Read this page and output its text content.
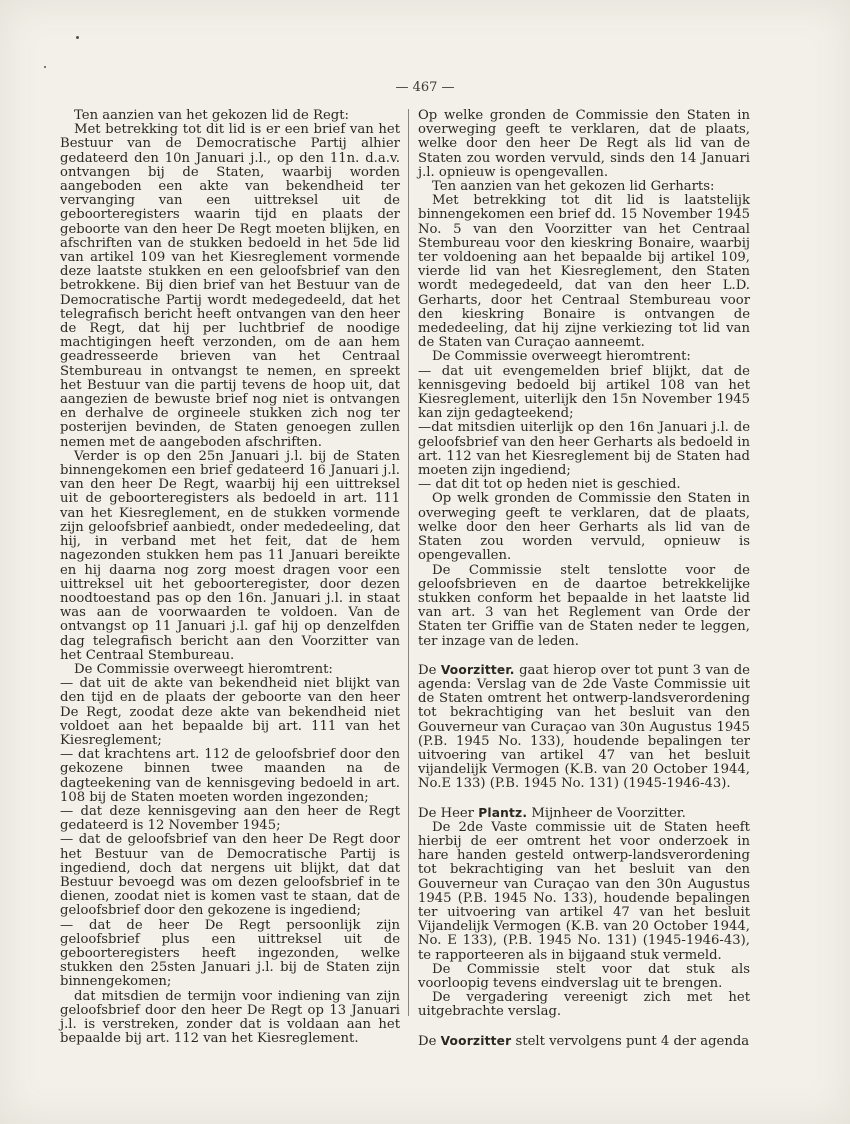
— 467 —

Ten aanzien van het gekozen lid de Regt:

Met betrekking tot dit lid is er een brief van het Bestuur van de Democratische Partij alhier gedateerd den 10n Januari j.l., op den 11n. d.a.v. ontvangen bij de Staten, waarbij worden aangeboden een akte van bekendheid ter vervanging van een uittreksel uit de geboorteregisters waarin tijd en plaats der geboorte van den heer De Regt moeten blijken, en afschriften van de stukken bedoeld in het 5de lid van artikel 109 van het Kiesreglement vormende deze laatste stukken en een geloofsbrief van den betrokkene. Bij dien brief van het Bestuur van de Democratische Partij wordt medegedeeld, dat het telegrafisch bericht heeft ontvangen van den heer de Regt, dat hij per luchtbrief de noodige machtigingen heeft verzonden, om de aan hem geadresseerde brieven van het Centraal Stembureau in ontvangst te nemen, en spreekt het Bestuur van die partij tevens de hoop uit, dat aangezien de bewuste brief nog niet is ontvangen en derhalve de orgineele stukken zich nog ter posterijen bevinden, de Staten genoegen zullen nemen met de aangeboden afschriften.

Verder is op den 25n Januari j.l. bij de Staten binnengekomen een brief gedateerd 16 Januari j.l. van den heer De Regt, waarbij hij een uittreksel uit de geboorteregisters als bedoeld in art. 111 van het Kiesreglement, en de stukken vormende zijn geloofsbrief aanbiedt, onder mededeeling, dat hij, in verband met het feit, dat de hem nagezonden stukken hem pas 11 Januari bereikte en hij daarna nog zorg moest dragen voor een uittreksel uit het geboorteregister, door dezen noodtoestand pas op den 16n. Januari j.l. in staat was aan de voorwaarden te voldoen. Van de ontvangst op 11 Januari j.l. gaf hij op denzelfden dag telegrafisch bericht aan den Voorzitter van het Centraal Stembureau.

De Commissie overweegt hieromtrent:

— dat uit de akte van bekendheid niet blijkt van den tijd en de plaats der geboorte van den heer De Regt, zoodat deze akte van bekendheid niet voldoet aan het bepaalde bij art. 111 van het Kiesreglement;

— dat krachtens art. 112 de geloofsbrief door den gekozene binnen twee maanden na de dagteekening van de kennisgeving bedoeld in art. 108 bij de Staten moeten worden ingezonden;

— dat deze kennisgeving aan den heer de Regt gedateerd is 12 November 1945;

— dat de geloofsbrief van den heer De Regt door het Bestuur van de Democratische Partij is ingediend, doch dat nergens uit blijkt, dat dat Bestuur bevoegd was om dezen geloofsbrief in te dienen, zoodat niet is komen vast te staan, dat de geloofsbrief door den gekozene is ingediend;

— dat de heer De Regt persoonlijk zijn geloofsbrief plus een uittreksel uit de geboorteregisters heeft ingezonden, welke stukken den 25sten Januari j.l. bij de Staten zijn binnengekomen;

dat mitsdien de termijn voor indiening van zijn geloofsbrief door den heer De Regt op 13 Januari j.l. is verstreken, zonder dat is voldaan aan het bepaalde bij art. 112 van het Kiesreglement.

Op welke gronden de Commissie den Staten in overweging geeft te verklaren, dat de plaats, welke door den heer De Regt als lid van de Staten zou worden vervuld, sinds den 14 Januari j.l. opnieuw is opengevallen.

Ten aanzien van het gekozen lid Gerharts:

Met betrekking tot dit lid is laatstelijk binnengekomen een brief dd. 15 November 1945 No. 5 van den Voorzitter van het Centraal Stembureau voor den kieskring Bonaire, waarbij ter voldoening aan het bepaalde bij artikel 109, vierde lid van het Kiesreglement, den Staten wordt medegedeeld, dat van den heer L.D. Gerharts, door het Centraal Stembureau voor den kieskring Bonaire is ontvangen de mededeeling, dat hij zijne verkiezing tot lid van de Staten van Curaçao aanneemt.

De Commissie overweegt hieromtrent:

— dat uit evengemelden brief blijkt, dat de kennisgeving bedoeld bij artikel 108 van het Kiesreglement, uiterlijk den 15n November 1945 kan zijn gedagteekend;

—dat mitsdien uiterlijk op den 16n Januari j.l. de geloofsbrief van den heer Gerharts als bedoeld in art. 112 van het Kiesreglement bij de Staten had moeten zijn ingediend;

— dat dit tot op heden niet is geschied.

Op welk gronden de Commissie den Staten in overweging geeft te verklaren, dat de plaats, welke door den heer Gerharts als lid van de Staten zou worden vervuld, opnieuw is opengevallen.

De Commissie stelt tenslotte voor de geloofsbrieven en de daartoe betrekkelijke stukken conform het bepaalde in het laatste lid van art. 3 van het Reglement van Orde der Staten ter Griffie van de Staten neder te leggen, ter inzage van de leden.

De Voorzitter. gaat hierop over tot punt 3 van de agenda: Verslag van de 2de Vaste Commissie uit de Staten omtrent het ontwerp-landsverordening tot bekrachtiging van het besluit van den Gouverneur van Curaçao van 30n Augustus 1945 (P.B. 1945 No. 133), houdende bepalingen ter uitvoering van artikel 47 van het besluit vijandelijk Vermogen (K.B. van 20 October 1944, No.E 133) (P.B. 1945 No. 131) (1945-1946-43).

De Heer Plantz. Mijnheer de Voorzitter.

De 2de Vaste commissie uit de Staten heeft hierbij de eer omtrent het voor onderzoek in hare handen gesteld ontwerp-landsverordening tot bekrachtiging van het besluit van den Gouverneur van Curaçao van den 30n Augustus 1945 (P.B. 1945 No. 133), houdende bepalingen ter uitvoering van artikel 47 van het besluit Vijandelijk Vermogen (K.B. van 20 October 1944, No. E 133), (P.B. 1945 No. 131) (1945-1946-43), te rapporteeren als in bijgaand stuk vermeld.

De Commissie stelt voor dat stuk als voorloopig tevens eindverslag uit te brengen.

De vergadering vereenigt zich met het uitgebrachte verslag.

De Voorzitter stelt vervolgens punt 4 der agenda
